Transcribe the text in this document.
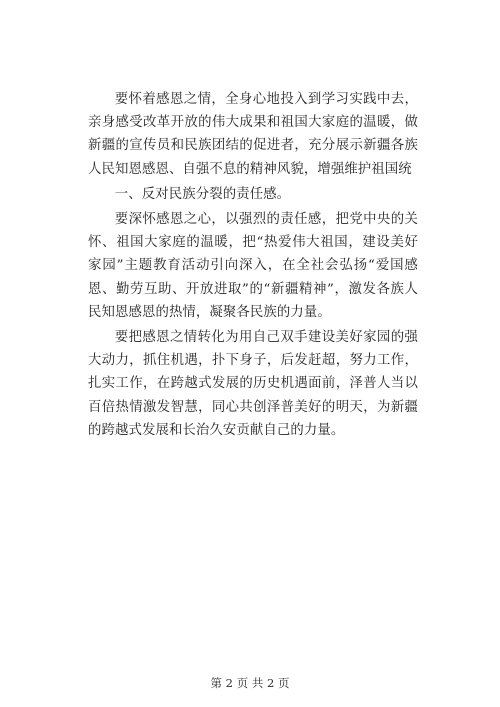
要怀着感恩之情，全身心地投入到学习实践中去，亲身感受改革开放的伟大成果和祖国大家庭的温暖，做新疆的宣传员和民族团结的促进者，充分展示新疆各族人民知恩感恩、自强不息的精神风貌，增强维护祖国统

一、反对民族分裂的责任感。

要深怀感恩之心，以强烈的责任感，把党中央的关怀、祖国大家庭的温暖，把“热爱伟大祖国，建设美好家园”主题教育活动引向深入，在全社会弘扬“爱国感恩、勤劳互助、开放进取”的“新疆精神”，激发各族人民知恩感恩的热情，凝聚各民族的力量。

要把感恩之情转化为用自己双手建设美好家园的强大动力，抓住机遇，扑下身子，后发赶超，努力工作，扎实工作，在跨越式发展的历史机遇面前，泽普人当以百倍热情激发智慧，同心共创泽普美好的明天，为新疆的跨越式发展和长治久安贡献自己的力量。

第 2 页 共 2 页
